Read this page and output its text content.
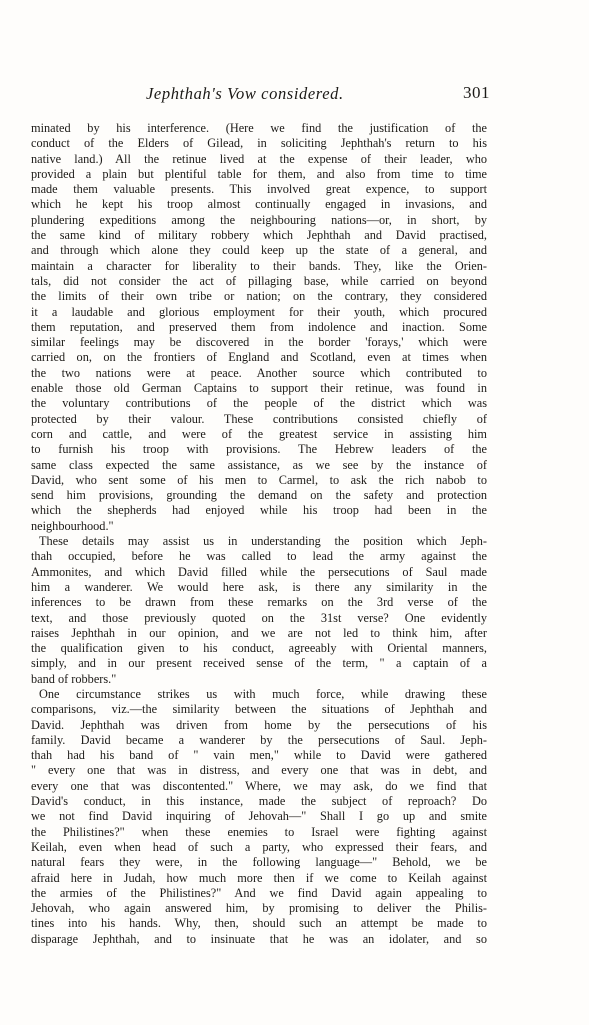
Jephthah's Vow considered.	301
minated by his interference. (Here we find the justification of the
conduct of the Elders of Gilead, in soliciting Jephthah's return to his
native land.) All the retinue lived at the expense of their leader, who
provided a plain but plentiful table for them, and also from time to time
made them valuable presents. This involved great expence, to support
which he kept his troop almost continually engaged in invasions, and
plundering expeditions among the neighbouring nations—or, in short, by
the same kind of military robbery which Jephthah and David practised,
and through which alone they could keep up the state of a general, and
maintain a character for liberality to their bands. They, like the Orien-
tals, did not consider the act of pillaging base, while carried on beyond
the limits of their own tribe or nation; on the contrary, they considered
it a laudable and glorious employment for their youth, which procured
them reputation, and preserved them from indolence and inaction. Some
similar feelings may be discovered in the border 'forays,' which were
carried on, on the frontiers of England and Scotland, even at times when
the two nations were at peace. Another source which contributed to
enable those old German Captains to support their retinue, was found in
the voluntary contributions of the people of the district which was
protected by their valour. These contributions consisted chiefly of
corn and cattle, and were of the greatest service in assisting him
to furnish his troop with provisions. The Hebrew leaders of the
same class expected the same assistance, as we see by the instance of
David, who sent some of his men to Carmel, to ask the rich nabob to
send him provisions, grounding the demand on the safety and protection
which the shepherds had enjoyed while his troop had been in the
neighbourhood."
These details may assist us in understanding the position which Jeph-
thah occupied, before he was called to lead the army against the
Ammonites, and which David filled while the persecutions of Saul made
him a wanderer. We would here ask, is there any similarity in the
inferences to be drawn from these remarks on the 3rd verse of the
text, and those previously quoted on the 31st verse? One evidently
raises Jephthah in our opinion, and we are not led to think him, after
the qualification given to his conduct, agreeably with Oriental manners,
simply, and in our present received sense of the term, " a captain of a
band of robbers."
One circumstance strikes us with much force, while drawing these
comparisons, viz.—the similarity between the situations of Jephthah and
David. Jephthah was driven from home by the persecutions of his
family. David became a wanderer by the persecutions of Saul. Jeph-
thah had his band of " vain men," while to David were gathered
" every one that was in distress, and every one that was in debt, and
every one that was discontented." Where, we may ask, do we find that
David's conduct, in this instance, made the subject of reproach? Do
we not find David inquiring of Jehovah—" Shall I go up and smite
the Philistines?" when these enemies to Israel were fighting against
Keilah, even when head of such a party, who expressed their fears, and
natural fears they were, in the following language—" Behold, we be
afraid here in Judah, how much more then if we come to Keilah against
the armies of the Philistines?" And we find David again appealing to
Jehovah, who again answered him, by promising to deliver the Philis-
tines into his hands. Why, then, should such an attempt be made to
disparage Jephthah, and to insinuate that he was an idolater, and so
